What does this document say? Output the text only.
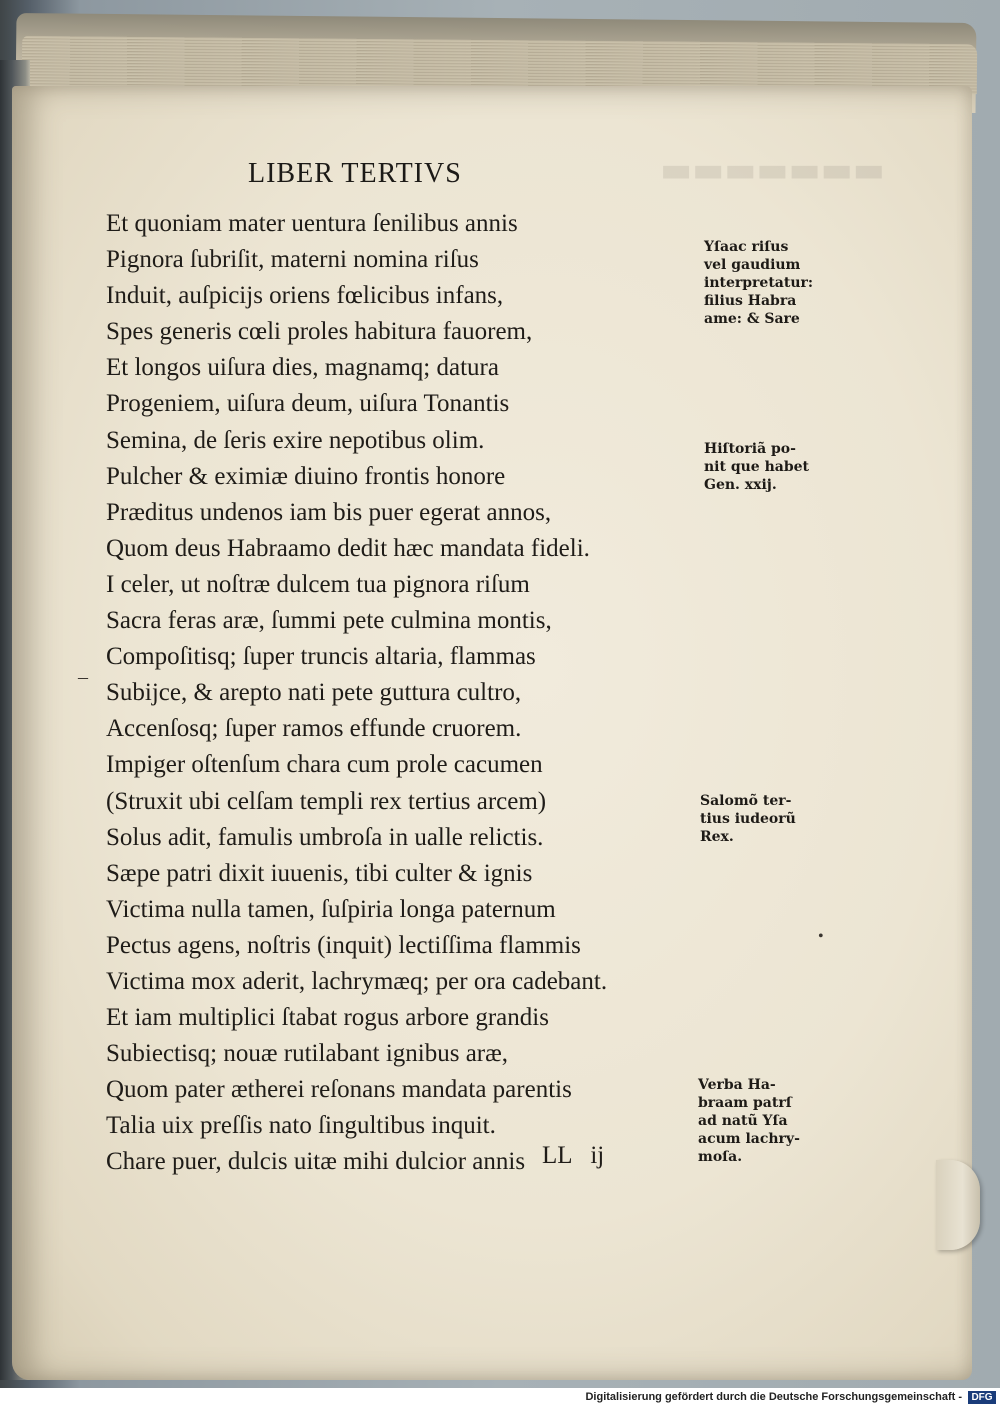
▬▬▬▬▬▬▬
LIBER TERTIVS
Et quoniam mater uentura ſenilibus annis
Pignora ſubriſit, materni nomina riſus
Induit, auſpicijs oriens fœlicibus infans,
Spes generis cœli proles habitura fauorem,
Et longos uiſura dies, magnamq; datura
Progeniem, uiſura deum, uiſura Tonantis
Semina, de ſeris exire nepotibus olim.
Pulcher & eximiæ diuino frontis honore
Præditus undenos iam bis puer egerat annos,
Quom deus Habraamo dedit hæc mandata fideli.
I celer, ut noſtræ dulcem tua pignora riſum
Sacra feras aræ, ſummi pete culmina montis,
Compoſitisq; ſuper truncis altaria, flammas
Subijce, & arepto nati pete guttura cultro,
Accenſosq; ſuper ramos effunde cruorem.
Impiger oſtenſum chara cum prole cacumen
(Struxit ubi celſam templi rex tertius arcem)
Solus adit, famulis umbroſa in ualle relictis.
Sæpe patri dixit iuuenis, tibi culter & ignis
Victima nulla tamen, ſuſpiria longa paternum
Pectus agens, noſtris (inquit) lectiſſima flammis
Victima mox aderit, lachrymæq; per ora cadebant.
Et iam multiplici ſtabat rogus arbore grandis
Subiectisq; nouæ rutilabant ignibus aræ,
Quom pater ætherei reſonans mandata parentis
Talia uix preſſis nato ſingultibus inquit.
Chare puer, dulcis uitæ mihi dulcior annis
Yſaac riſus
vel gaudium
interpretatur:
filius Habra
ame: & Sare
Hiſtoriã po-
nit que habet
Gen. xxij.
Salomõ ter-
tius iudeorũ
Rex.
Verba Ha-
braam patrſ
ad natũ Yſa
acum lachry-
moſa.
LL   ij
–
•
Digitalisierung gefördert durch die Deutsche Forschungsgemeinschaft - DFG
